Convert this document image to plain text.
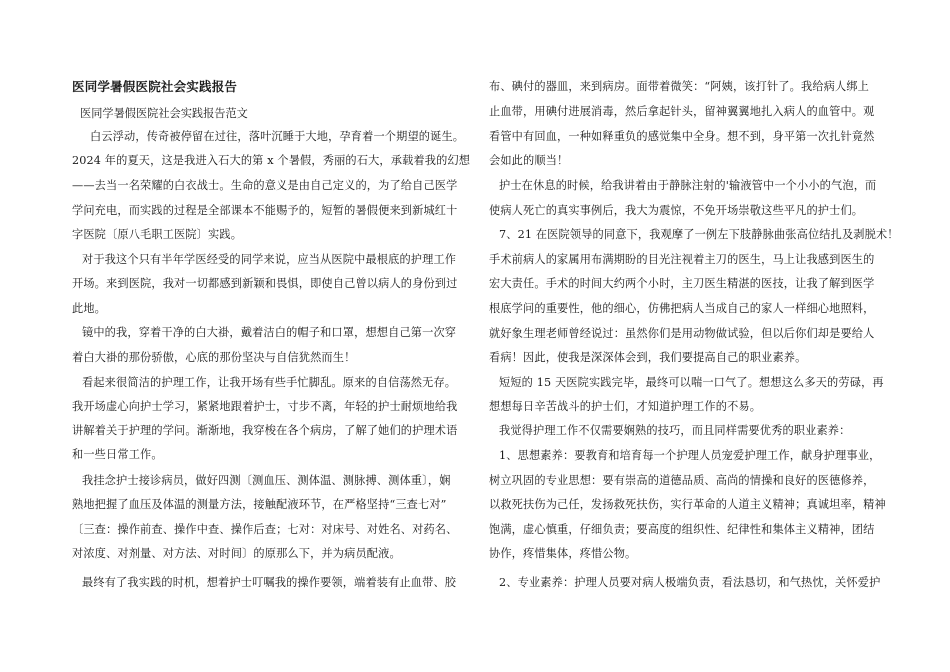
医同学暑假医院社会实践报告
医同学暑假医院社会实践报告范文
白云浮动，传奇被停留在过往，落叶沉睡于大地，孕育着一个期望的诞生。
2024 年的夏天，这是我进入石大的第 x 个暑假，秀丽的石大，承载着我的幻想
——去当一名荣耀的白衣战士。生命的意义是由自己定义的，为了给自己医学
学问充电，而实践的过程是全部课本不能赐予的，短暂的暑假便来到新城红十
字医院〔原八毛职工医院〕实践。
对于我这个只有半年学医经受的同学来说，应当从医院中最根底的护理工作
开场。来到医院，我对一切都感到新颖和畏惧，即使自己曾以病人的身份到过
此地。
镜中的我，穿着干净的白大褂，戴着洁白的帽子和口罩，想想自己第一次穿
着白大褂的那份骄傲，心底的那份坚决与自信犹然而生！
看起来很简洁的护理工作，让我开场有些手忙脚乱。原来的自信荡然无存。
我开场虚心向护士学习，紧紧地跟着护士，寸步不离，年轻的护士耐烦地给我
讲解着关于护理的学问。渐渐地，我穿梭在各个病房，了解了她们的护理术语
和一些日常工作。
我挂念护士接诊病员，做好四测〔测血压、测体温、测脉搏、测体重〕，娴
熟地把握了血压及体温的测量方法，接触配液环节，在严格坚持“三查七对”
〔三查：操作前查、操作中查、操作后查；七对：对床号、对姓名、对药名、
对浓度、对剂量、对方法、对时间〕的原那么下，并为病员配液。
最终有了我实践的时机，想着护士叮嘱我的操作要领，端着装有止血带、胶
布、碘付的器皿，来到病房。面带着微笑：“阿姨，该打针了。我给病人绑上
止血带，用碘付进展消毒，然后拿起针头，留神翼翼地扎入病人的血管中。观
看管中有回血，一种如释重负的感觉集中全身。想不到，身平第一次扎针竟然
会如此的顺当！
护士在休息的时候，给我讲着由于静脉注射的'输液管中一个小小的气泡，而
使病人死亡的真实事例后，我大为震惊，不免开场崇敬这些平凡的护士们。
7、21 在医院领导的同意下，我观摩了一例左下肢静脉曲张高位结扎及剥脱术！
手术前病人的家属用布满期盼的目光注视着主刀的医生，马上让我感到医生的
宏大责任。手术的时间大约两个小时，主刀医生精湛的医技，让我了解到医学
根底学问的重要性，他的细心，仿佛把病人当成自己的家人一样细心地照料，
就好象生理老师曾经说过：虽然你们是用动物做试验，但以后你们却是要给人
看病！因此，使我是深深体会到，我们要提高自己的职业素养。
短短的 15 天医院实践完毕，最终可以喘一口气了。想想这么多天的劳碌，再
想想每日辛苦战斗的护士们，才知道护理工作的不易。
我觉得护理工作不仅需要娴熟的技巧，而且同样需要优秀的职业素养：
1、思想素养：要教育和培育每一个护理人员宠爱护理工作，献身护理事业，
树立巩固的专业思想：要有崇高的道德品质、高尚的情操和良好的医德修养，
以救死扶伤为己任，发扬救死扶伤，实行革命的人道主义精神；真诚坦率，精神
饱满，虚心慎重，仔细负责；要高度的组织性、纪律性和集体主义精神，团结
协作，疼惜集体，疼惜公物。
2、专业素养：护理人员要对病人极端负责，看法恳切，和气热忱，关怀爱护
